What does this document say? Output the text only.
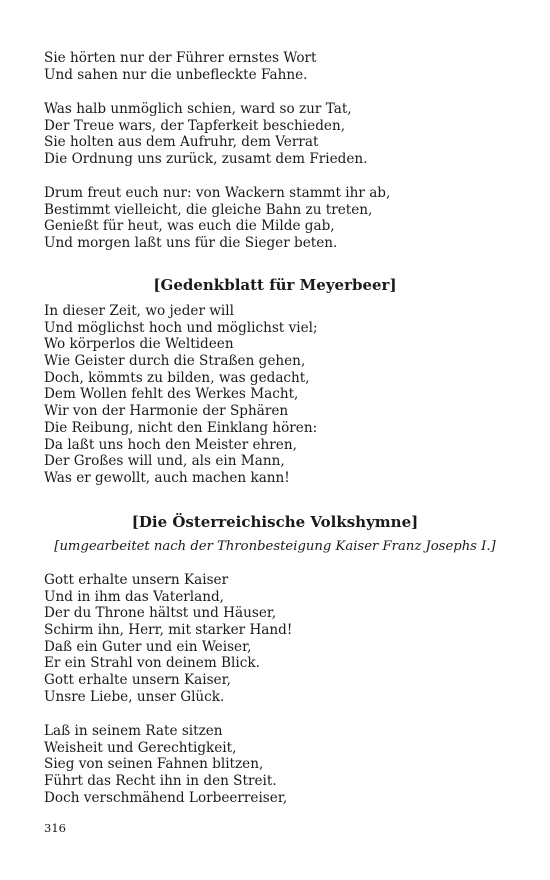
Sie hörten nur der Führer ernstes Wort
Und sahen nur die unbefleckte Fahne.
Was halb unmöglich schien, ward so zur Tat,
Der Treue wars, der Tapferkeit beschieden,
Sie holten aus dem Aufruhr, dem Verrat
Die Ordnung uns zurück, zusamt dem Frieden.
Drum freut euch nur: von Wackern stammt ihr ab,
Bestimmt vielleicht, die gleiche Bahn zu treten,
Genießt für heut, was euch die Milde gab,
Und morgen laßt uns für die Sieger beten.
[Gedenkblatt für Meyerbeer]
In dieser Zeit, wo jeder will
Und möglichst hoch und möglichst viel;
Wo körperlos die Weltideen
Wie Geister durch die Straßen gehen,
Doch, kömmts zu bilden, was gedacht,
Dem Wollen fehlt des Werkes Macht,
Wir von der Harmonie der Sphären
Die Reibung, nicht den Einklang hören:
Da laßt uns hoch den Meister ehren,
Der Großes will und, als ein Mann,
Was er gewollt, auch machen kann!
[Die Österreichische Volkshymne]
[umgearbeitet nach der Thronbesteigung Kaiser Franz Josephs I.]
Gott erhalte unsern Kaiser
Und in ihm das Vaterland,
Der du Throne hältst und Häuser,
Schirm ihn, Herr, mit starker Hand!
Daß ein Guter und ein Weiser,
Er ein Strahl von deinem Blick.
Gott erhalte unsern Kaiser,
Unsre Liebe, unser Glück.
Laß in seinem Rate sitzen
Weisheit und Gerechtigkeit,
Sieg von seinen Fahnen blitzen,
Führt das Recht ihn in den Streit.
Doch verschmähend Lorbeerreiser,
316
